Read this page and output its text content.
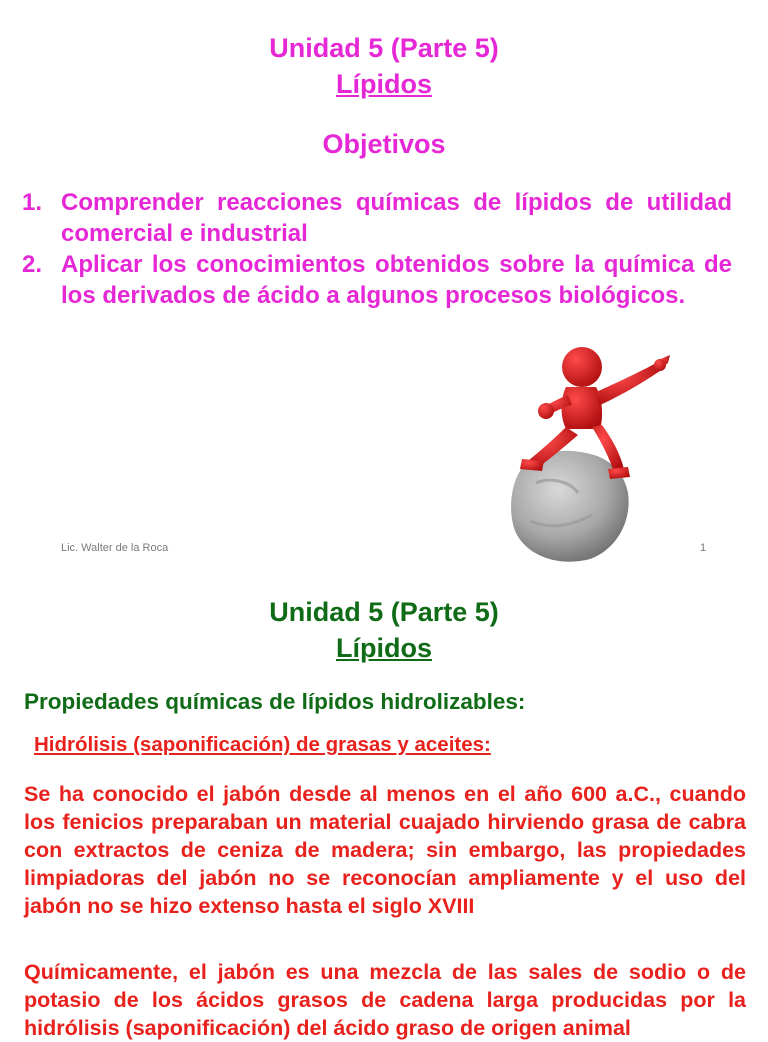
Unidad 5 (Parte 5)
Lípidos
Objetivos
1. Comprender reacciones químicas de lípidos de utilidad comercial e industrial
2. Aplicar los conocimientos obtenidos sobre la química de los derivados de ácido a algunos procesos biológicos.
Lic. Walter de la Roca	1
Unidad 5 (Parte 5)
Lípidos
Propiedades químicas de lípidos hidrolizables:
Hidrólisis (saponificación) de grasas y aceites:

Se ha conocido el jabón desde al menos en el año 600 a.C., cuando los fenicios preparaban un material cuajado hirviendo grasa de cabra con extractos de ceniza de madera; sin embargo, las propiedades limpiadoras del jabón no se reconocían ampliamente y el uso del jabón no se hizo extenso hasta el siglo XVIII

Químicamente, el jabón es una mezcla de las sales de sodio o de potasio de los ácidos grasos de cadena larga producidas por la hidrólisis (saponificación) del ácido graso de origen animal
